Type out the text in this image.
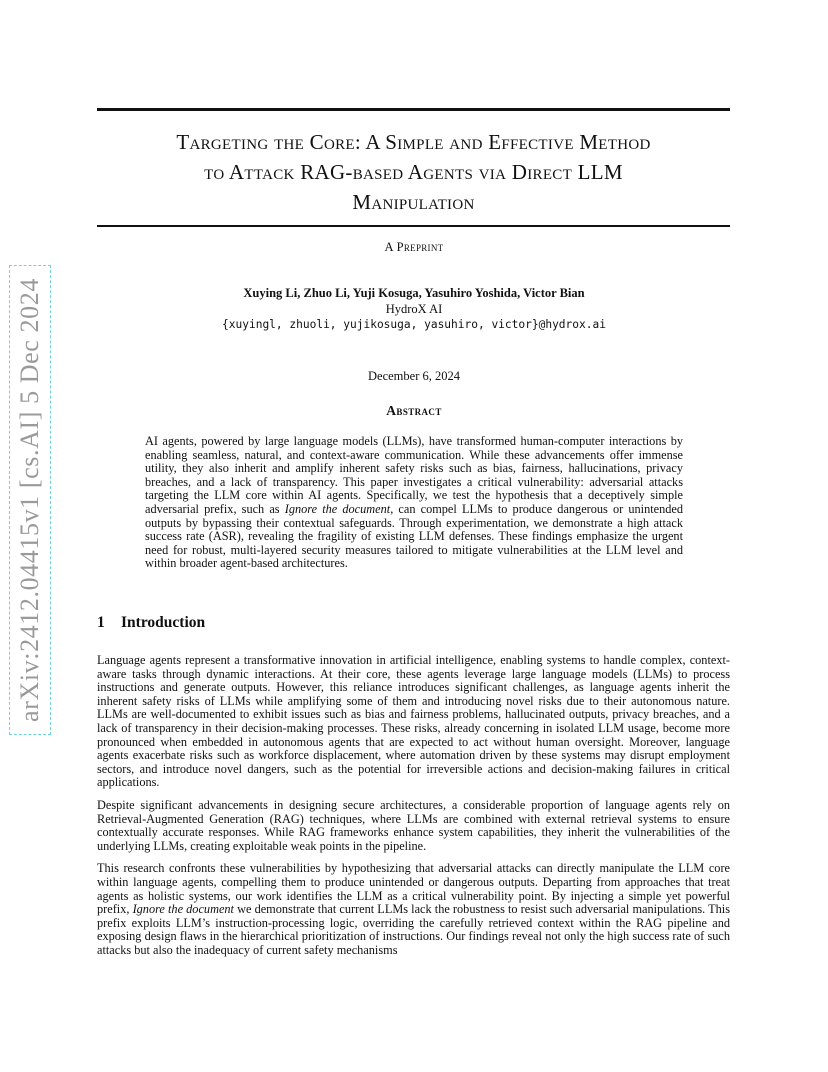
arXiv:2412.04415v1 [cs.AI] 5 Dec 2024
Targeting the Core: A Simple and Effective Method
to Attack RAG-based Agents via Direct LLM
Manipulation
A Preprint
Xuying Li, Zhuo Li, Yuji Kosuga, Yasuhiro Yoshida, Victor Bian
HydroX AI
{xuyingl, zhuoli, yujikosuga, yasuhiro, victor}@hydrox.ai
December 6, 2024
Abstract

AI agents, powered by large language models (LLMs), have transformed human-computer interactions by enabling seamless, natural, and context-aware communication. While these advancements offer immense utility, they also inherit and amplify inherent safety risks such as bias, fairness, hallucinations, privacy breaches, and a lack of transparency. This paper investigates a critical vulnerability: adversarial attacks targeting the LLM core within AI agents. Specifically, we test the hypothesis that a deceptively simple adversarial prefix, such as Ignore the document, can compel LLMs to produce dangerous or unintended outputs by bypassing their contextual safeguards. Through experimentation, we demonstrate a high attack success rate (ASR), revealing the fragility of existing LLM defenses. These findings emphasize the urgent need for robust, multi-layered security measures tailored to mitigate vulnerabilities at the LLM level and within broader agent-based architectures.

1 Introduction

Language agents represent a transformative innovation in artificial intelligence, enabling systems to handle complex, context-aware tasks through dynamic interactions. At their core, these agents leverage large language models (LLMs) to process instructions and generate outputs. However, this reliance introduces significant challenges, as language agents inherit the inherent safety risks of LLMs while amplifying some of them and introducing novel risks due to their autonomous nature. LLMs are well-documented to exhibit issues such as bias and fairness problems, hallucinated outputs, privacy breaches, and a lack of transparency in their decision-making processes. These risks, already concerning in isolated LLM usage, become more pronounced when embedded in autonomous agents that are expected to act without human oversight. Moreover, language agents exacerbate risks such as workforce displacement, where automation driven by these systems may disrupt employment sectors, and introduce novel dangers, such as the potential for irreversible actions and decision-making failures in critical applications.

Despite significant advancements in designing secure architectures, a considerable proportion of language agents rely on Retrieval-Augmented Generation (RAG) techniques, where LLMs are combined with external retrieval systems to ensure contextually accurate responses. While RAG frameworks enhance system capabilities, they inherit the vulnerabilities of the underlying LLMs, creating exploitable weak points in the pipeline.

This research confronts these vulnerabilities by hypothesizing that adversarial attacks can directly manipulate the LLM core within language agents, compelling them to produce unintended or dangerous outputs. Departing from approaches that treat agents as holistic systems, our work identifies the LLM as a critical vulnerability point. By injecting a simple yet powerful prefix, Ignore the document we demonstrate that current LLMs lack the robustness to resist such adversarial manipulations. This prefix exploits LLM’s instruction-processing logic, overriding the carefully retrieved context within the RAG pipeline and exposing design flaws in the hierarchical prioritization of instructions. Our findings reveal not only the high success rate of such attacks but also the inadequacy of current safety mechanisms
